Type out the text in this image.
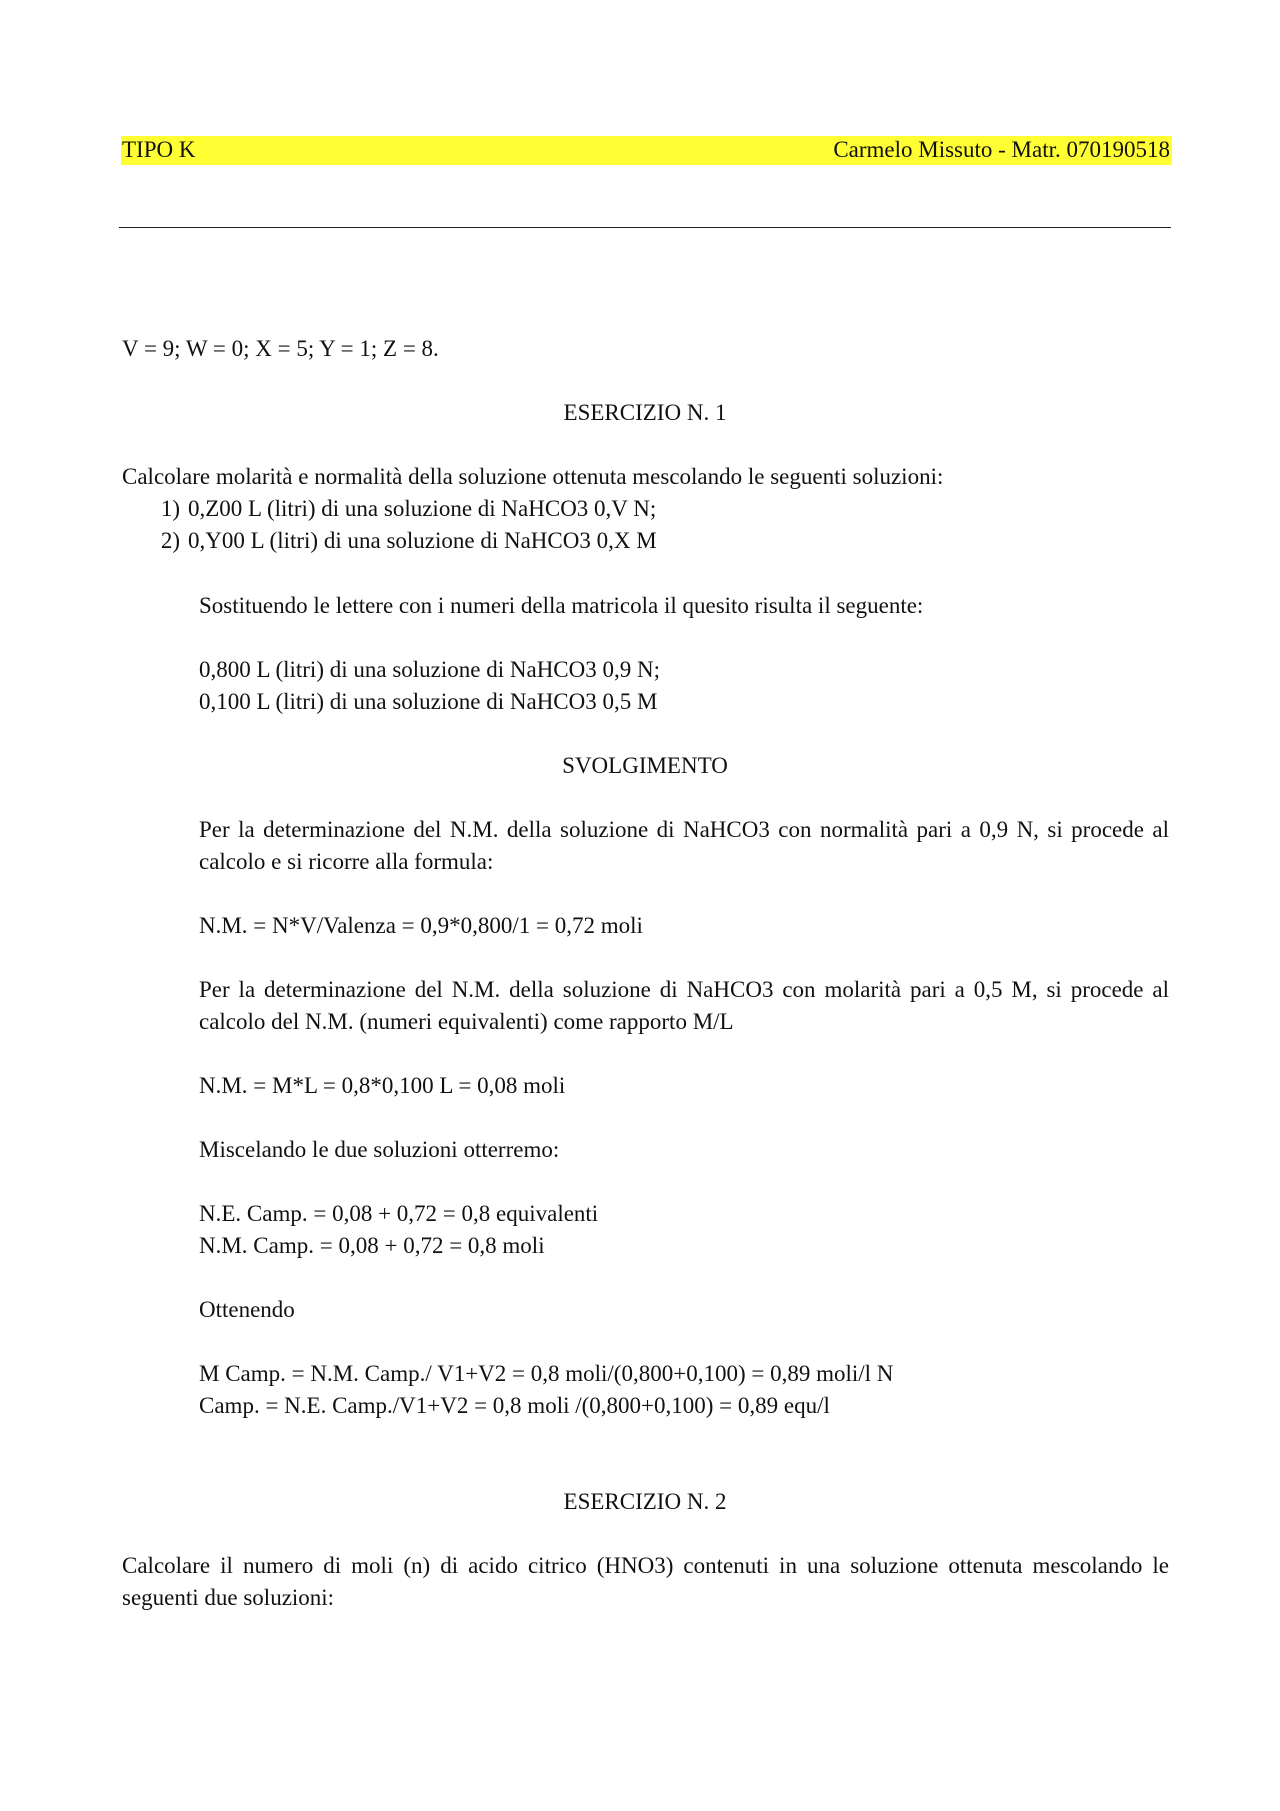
TIPO K	Carmelo Missuto - Matr. 070190518
V = 9; W = 0; X = 5; Y = 1; Z = 8.
ESERCIZIO N. 1
Calcolare molarità e normalità della soluzione ottenuta mescolando le seguenti soluzioni:
1) 0,Z00 L (litri) di una soluzione di NaHCO3 0,V N;
2) 0,Y00 L (litri) di una soluzione di NaHCO3 0,X M
Sostituendo le lettere con i numeri della matricola il quesito risulta il seguente:
0,800 L (litri) di una soluzione di NaHCO3 0,9 N;
0,100 L (litri) di una soluzione di NaHCO3 0,5 M
SVOLGIMENTO
Per la determinazione del N.M. della soluzione di NaHCO3 con normalità pari a 0,9 N, si procede al calcolo e si ricorre alla formula:
N.M. = N*V/Valenza = 0,9*0,800/1 = 0,72 moli
Per la determinazione del N.M. della soluzione di NaHCO3 con molarità pari a 0,5 M, si procede al calcolo del N.M. (numeri equivalenti) come rapporto M/L
N.M. = M*L = 0,8*0,100 L = 0,08 moli
Miscelando le due soluzioni otterremo:
N.E. Camp. = 0,08 + 0,72 = 0,8 equivalenti
N.M. Camp. = 0,08 + 0,72 = 0,8 moli
Ottenendo
M Camp. = N.M. Camp./ V1+V2 = 0,8 moli/(0,800+0,100) = 0,89 moli/l N
Camp. = N.E. Camp./V1+V2 = 0,8 moli /(0,800+0,100) = 0,89 equ/l
ESERCIZIO N. 2
Calcolare il numero di moli (n) di acido citrico (HNO3) contenuti in una soluzione ottenuta mescolando le seguenti due soluzioni:
